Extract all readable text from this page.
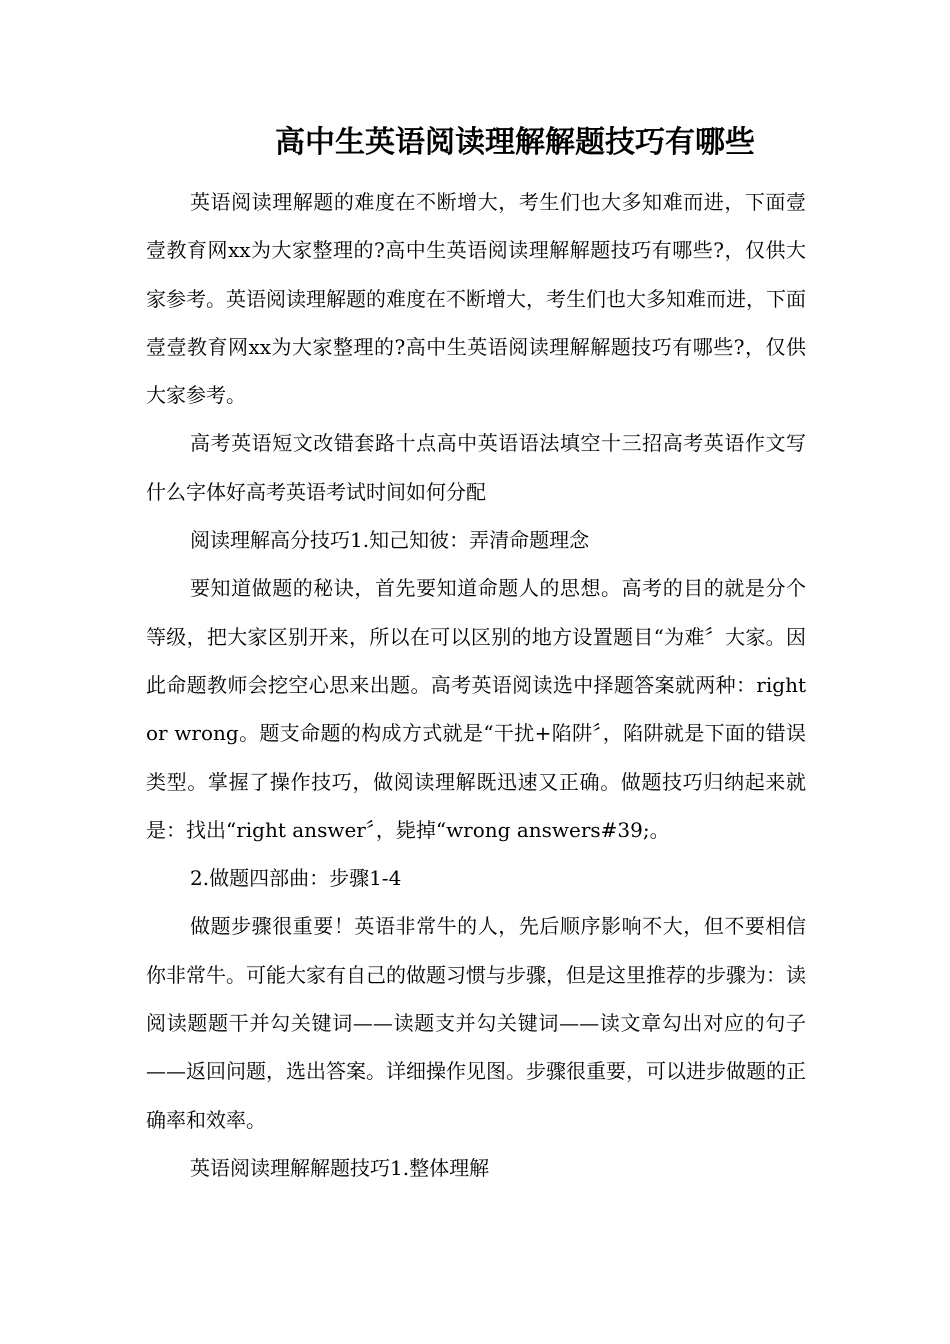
高中生英语阅读理解解题技巧有哪些

英语阅读理解题的难度在不断增大，考生们也大多知难而进，下面壹壹教育网xx为大家整理的?高中生英语阅读理解解题技巧有哪些?，仅供大家参考。英语阅读理解题的难度在不断增大，考生们也大多知难而进，下面壹壹教育网xx为大家整理的?高中生英语阅读理解解题技巧有哪些?，仅供大家参考。

高考英语短文改错套路十点高中英语语法填空十三招高考英语作文写什么字体好高考英语考试时间如何分配

阅读理解高分技巧1.知己知彼：弄清命题理念

要知道做题的秘诀，首先要知道命题人的思想。高考的目的就是分个等级，把大家区别开来，所以在可以区别的地方设置题目“为难〞大家。因此命题教师会挖空心思来出题。高考英语阅读选中择题答案就两种：right or wrong。题支命题的构成方式就是“干扰+陷阱〞，陷阱就是下面的错误类型。掌握了操作技巧，做阅读理解既迅速又正确。做题技巧归纳起来就是：找出“right answer〞，毙掉“wrong answers#39;。

2.做题四部曲：步骤1-4

做题步骤很重要！英语非常牛的人，先后顺序影响不大，但不要相信你非常牛。可能大家有自己的做题习惯与步骤，但是这里推荐的步骤为：读阅读题题干并勾关键词——读题支并勾关键词——读文章勾出对应的句子——返回问题，选出答案。详细操作见图。步骤很重要，可以进步做题的正确率和效率。

英语阅读理解解题技巧1.整体理解
